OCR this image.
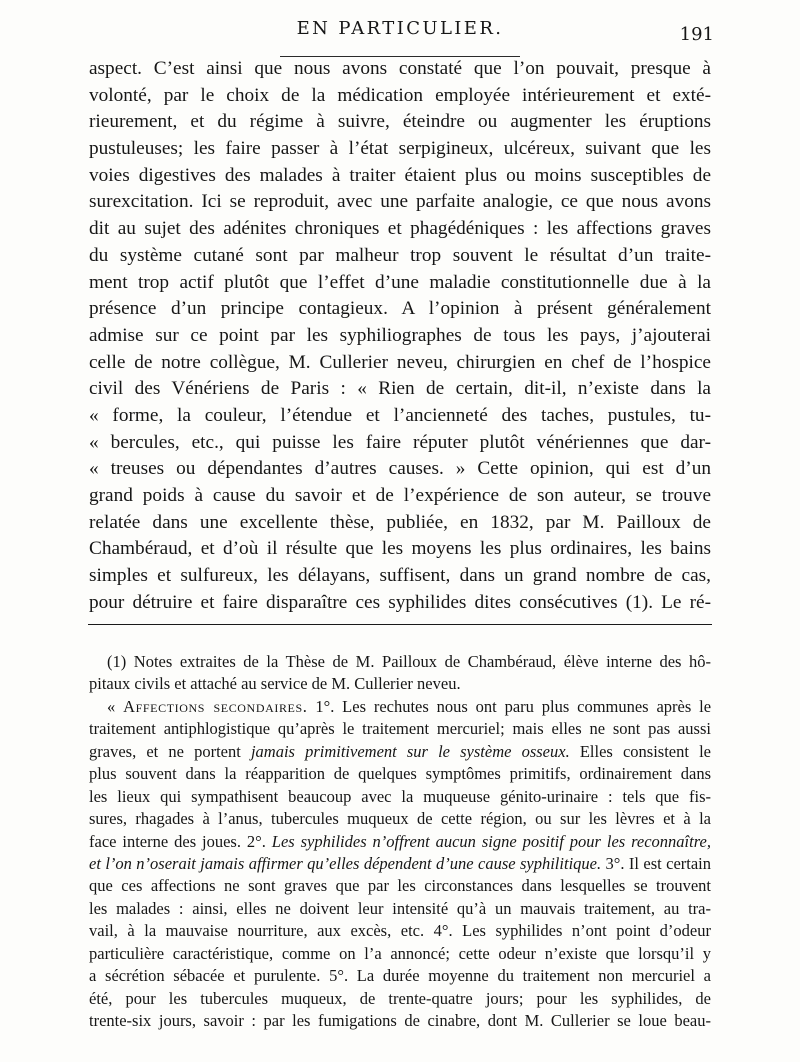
EN PARTICULIER.	191
aspect. C’est ainsi que nous avons constaté que l’on pouvait, presque à
volonté, par le choix de la médication employée intérieurement et exté-
rieurement, et du régime à suivre, éteindre ou augmenter les éruptions
pustuleuses; les faire passer à l’état serpigineux, ulcéreux, suivant que les
voies digestives des malades à traiter étaient plus ou moins susceptibles de
surexcitation. Ici se reproduit, avec une parfaite analogie, ce que nous avons
dit au sujet des adénites chroniques et phagédéniques : les affections graves
du système cutané sont par malheur trop souvent le résultat d’un traite-
ment trop actif plutôt que l’effet d’une maladie constitutionnelle due à la
présence d’un principe contagieux. A l’opinion à présent généralement
admise sur ce point par les syphiliographes de tous les pays, j’ajouterai
celle de notre collègue, M. Cullerier neveu, chirurgien en chef de l’hospice
civil des Vénériens de Paris : « Rien de certain, dit-il, n’existe dans la
« forme, la couleur, l’étendue et l’ancienneté des taches, pustules, tu-
« bercules, etc., qui puisse les faire réputer plutôt vénériennes que dar-
« treuses ou dépendantes d’autres causes. » Cette opinion, qui est d’un
grand poids à cause du savoir et de l’expérience de son auteur, se trouve
relatée dans une excellente thèse, publiée, en 1832, par M. Pailloux de
Chambéraud, et d’où il résulte que les moyens les plus ordinaires, les bains
simples et sulfureux, les délayans, suffisent, dans un grand nombre de cas,
pour détruire et faire disparaître ces syphilides dites consécutives (1). Le ré-
(1) Notes extraites de la Thèse de M. Pailloux de Chambéraud, élève interne des hô-
pitaux civils et attaché au service de M. Cullerier neveu.
« Affections secondaires. 1°. Les rechutes nous ont paru plus communes après le
traitement antiphlogistique qu’après le traitement mercuriel; mais elles ne sont pas aussi
graves, et ne portent jamais primitivement sur le système osseux. Elles consistent le
plus souvent dans la réapparition de quelques symptômes primitifs, ordinairement dans
les lieux qui sympathisent beaucoup avec la muqueuse génito-urinaire : tels que fis-
sures, rhagades à l’anus, tubercules muqueux de cette région, ou sur les lèvres et à la
face interne des joues. 2°. Les syphilides n’offrent aucun signe positif pour les reconnaître,
et l’on n’oserait jamais affirmer qu’elles dépendent d’une cause syphilitique. 3°. Il est certain
que ces affections ne sont graves que par les circonstances dans lesquelles se trouvent
les malades : ainsi, elles ne doivent leur intensité qu’à un mauvais traitement, au tra-
vail, à la mauvaise nourriture, aux excès, etc. 4°. Les syphilides n’ont point d’odeur
particulière caractéristique, comme on l’a annoncé; cette odeur n’existe que lorsqu’il y
a sécrétion sébacée et purulente. 5°. La durée moyenne du traitement non mercuriel a
été, pour les tubercules muqueux, de trente-quatre jours; pour les syphilides, de
trente-six jours, savoir : par les fumigations de cinabre, dont M. Cullerier se loue beau-
